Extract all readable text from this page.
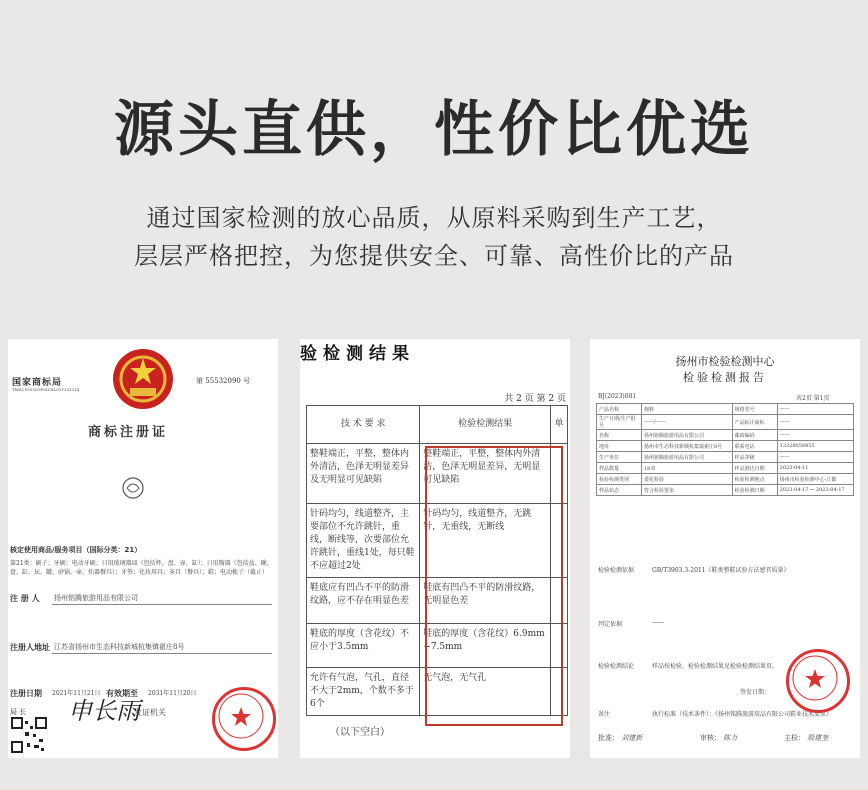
源头直供，性价比优选
通过国家检测的放心品质，从原料采购到生产工艺，
层层严格把控，为您提供安全、可靠、高性价比的产品
国家商标局
TMZC55532090ZCSL01Y231214
第 55532090 号
商标注册证
核定使用商品/服务项目（国际分类：21）
第21类：刷子；牙刷；电动牙刷；日用玻璃器皿（包括杯、盘、壶、缸）；日用陶器（包括盆、碗、盘、缸、坛、罐、砂锅、壶、炻器餐具）；牙签；化妆用具；茶具（餐具）；鞋；电动梳子（截止）
注 册 人 扬州铭腾旅游用品有限公司
注册人地址 江苏省扬州市生态科技新城杭集镇翟庄8号
注册日期 2021年11月21日 有效期至 2031年11月20日
局 长 申长雨
发证机关
验检测结果
共 2 页 第 2 页
技 术 要 求	检验检测结果	单
整鞋端正，平整，整体内外清洁，色泽无明显差异及无明显可见缺陷	整鞋端正，平整，整体内外清洁，色泽无明显差异，无明显可见缺陷	
针码均匀，线道整齐，主要部位不允许跳针，重线，断线等，次要部位允许跳针，重线1处，每只鞋不应超过2处	针码均匀，线道整齐，无跳针，无重线，无断线	
鞋底应有凹凸不平的防滑纹路，应不存在明显色差	鞋底有凹凸不平的防滑纹路，无明显色差	
鞋底的厚度（含花纹）不应小于3.5mm	鞋底的厚度（含花纹）6.9mm ~7.5mm	
允许有气泡，气孔，直径不大于2mm，个数不多于6个	无气泡，无气孔	
（以下空白）
扬州市检验检测中心
检验检测报告
BJ(2023)081	共2页 第1页
产品名称	拖鞋	规格型号	——
生产日期/生产批号	——/——	产品标注商标	——
名称	扬州铭腾旅游用品有限公司	邮政编码	——
地址	扬州市生态科技新城杭集镇翟庄8号	联系电话	13328058855
生产单位	扬州铭腾旅游用品有限公司	样品等级	——
样品数量	18双	样品到达日期	2023-04-11
检验检测类别	委托检验	检验检测地点	扬州市检验检测中心·江都
样品状态	符合检验要求	检验检测日期	2023-04-17 ~ 2023-04-17
检验检测依据	GB/T3903.3-2011《鞋类整鞋试验方法感官质量》
判定依据	——
检验检测结论	样品按检验，检验检测结果见检验检测结果页。
签发日期：
备注	执行标准（技术条件）：《扬州铭腾旅游用品有限公司鞋业技术要求》
批准： 刘建新	审核： 陈力	主检： 殷建奎
